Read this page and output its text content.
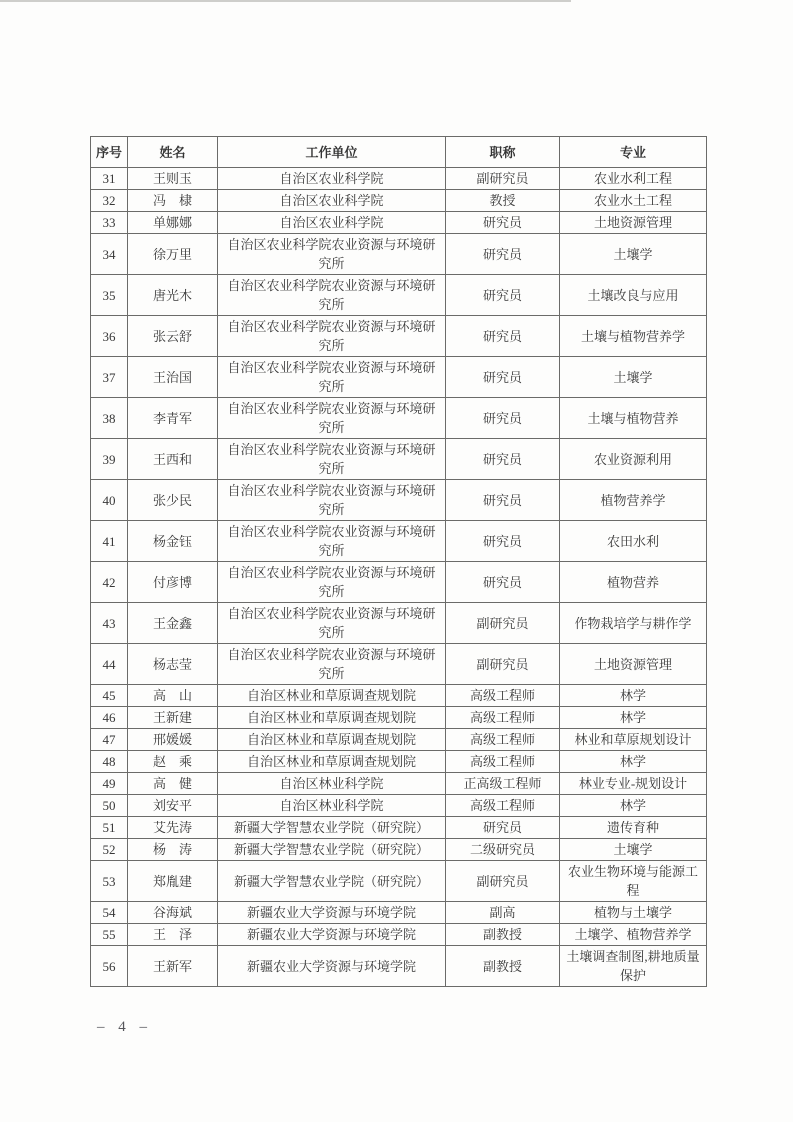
序号	姓名	工作单位	职称	专业
31	王则玉	自治区农业科学院	副研究员	农业水利工程
32	冯　棣	自治区农业科学院	教授	农业水土工程
33	单娜娜	自治区农业科学院	研究员	土地资源管理
34	徐万里	自治区农业科学院农业资源与环境研究所	研究员	土壤学
35	唐光木	自治区农业科学院农业资源与环境研究所	研究员	土壤改良与应用
36	张云舒	自治区农业科学院农业资源与环境研究所	研究员	土壤与植物营养学
37	王治国	自治区农业科学院农业资源与环境研究所	研究员	土壤学
38	李青军	自治区农业科学院农业资源与环境研究所	研究员	土壤与植物营养
39	王西和	自治区农业科学院农业资源与环境研究所	研究员	农业资源利用
40	张少民	自治区农业科学院农业资源与环境研究所	研究员	植物营养学
41	杨金钰	自治区农业科学院农业资源与环境研究所	研究员	农田水利
42	付彦博	自治区农业科学院农业资源与环境研究所	研究员	植物营养
43	王金鑫	自治区农业科学院农业资源与环境研究所	副研究员	作物栽培学与耕作学
44	杨志莹	自治区农业科学院农业资源与环境研究所	副研究员	土地资源管理
45	高　山	自治区林业和草原调查规划院	高级工程师	林学
46	王新建	自治区林业和草原调查规划院	高级工程师	林学
47	邢媛媛	自治区林业和草原调查规划院	高级工程师	林业和草原规划设计
48	赵　乘	自治区林业和草原调查规划院	高级工程师	林学
49	高　健	自治区林业科学院	正高级工程师	林业专业-规划设计
50	刘安平	自治区林业科学院	高级工程师	林学
51	艾先涛	新疆大学智慧农业学院（研究院）	研究员	遗传育种
52	杨　涛	新疆大学智慧农业学院（研究院）	二级研究员	土壤学
53	郑胤建	新疆大学智慧农业学院（研究院）	副研究员	农业生物环境与能源工程
54	谷海斌	新疆农业大学资源与环境学院	副高	植物与土壤学
55	王　泽	新疆农业大学资源与环境学院	副教授	土壤学、植物营养学
56	王新军	新疆农业大学资源与环境学院	副教授	土壤调查制图,耕地质量保护
– 4 –
